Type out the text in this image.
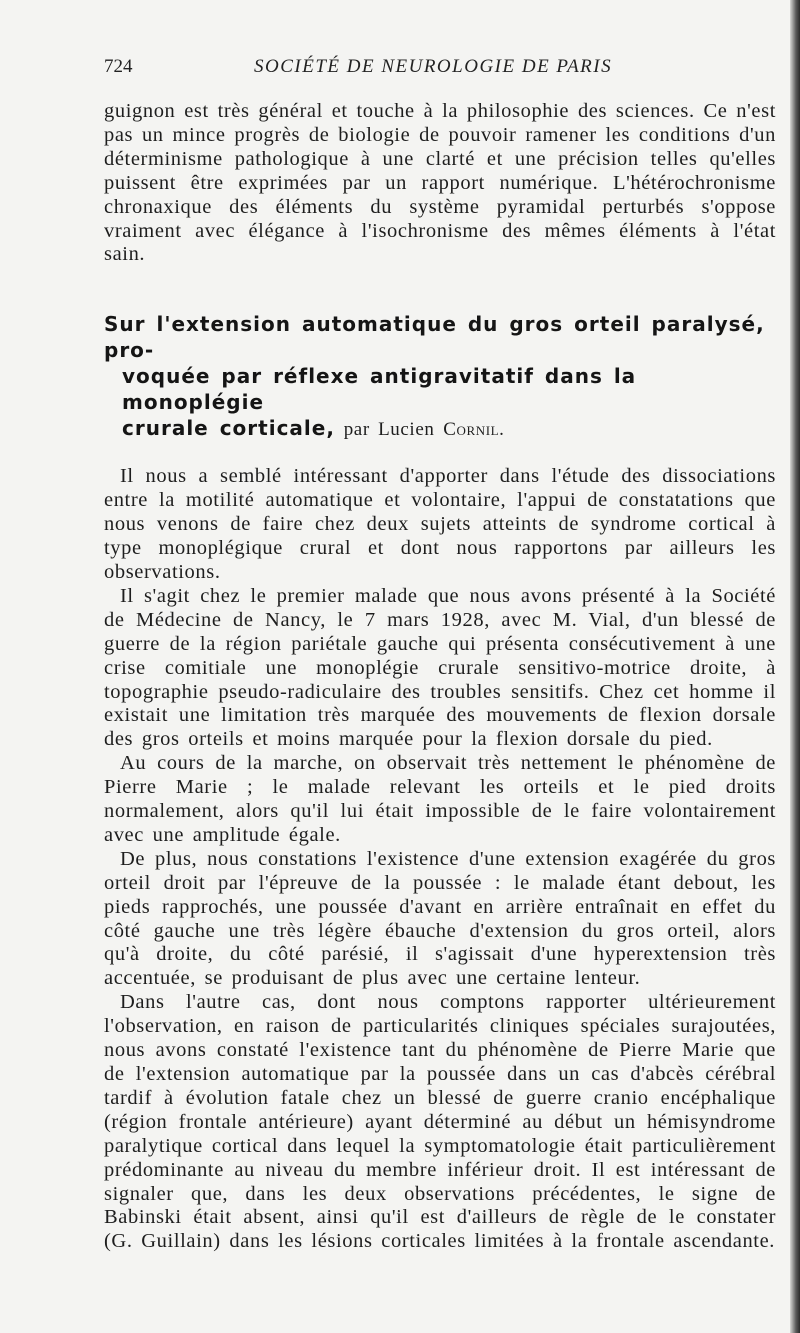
724	SOCIÉTÉ DE NEUROLOGIE DE PARIS

guignon est très général et touche à la philosophie des sciences. Ce n'est pas un mince progrès de biologie de pouvoir ramener les conditions d'un déterminisme pathologique à une clarté et une précision telles qu'elles puissent être exprimées par un rapport numérique. L'hétérochronisme chronaxique des éléments du système pyramidal perturbés s'oppose vraiment avec élégance à l'isochronisme des mêmes éléments à l'état sain.

Sur l'extension automatique du gros orteil paralysé, pro-
voquée par réflexe antigravitatif dans la monoplégie
crurale corticale, par Lucien Cornil.

Il nous a semblé intéressant d'apporter dans l'étude des dissociations entre la motilité automatique et volontaire, l'appui de constatations que nous venons de faire chez deux sujets atteints de syndrome cortical à type monoplégique crural et dont nous rapportons par ailleurs les observations.

Il s'agit chez le premier malade que nous avons présenté à la Société de Médecine de Nancy, le 7 mars 1928, avec M. Vial, d'un blessé de guerre de la région pariétale gauche qui présenta consécutivement à une crise comitiale une monoplégie crurale sensitivo-motrice droite, à topographie pseudo-radiculaire des troubles sensitifs. Chez cet homme il existait une limitation très marquée des mouvements de flexion dorsale des gros orteils et moins marquée pour la flexion dorsale du pied.

Au cours de la marche, on observait très nettement le phénomène de Pierre Marie ; le malade relevant les orteils et le pied droits normalement, alors qu'il lui était impossible de le faire volontairement avec une amplitude égale.

De plus, nous constations l'existence d'une extension exagérée du gros orteil droit par l'épreuve de la poussée : le malade étant debout, les pieds rapprochés, une poussée d'avant en arrière entraînait en effet du côté gauche une très légère ébauche d'extension du gros orteil, alors qu'à droite, du côté parésié, il s'agissait d'une hyperextension très accentuée, se produisant de plus avec une certaine lenteur.

Dans l'autre cas, dont nous comptons rapporter ultérieurement l'observation, en raison de particularités cliniques spéciales surajoutées, nous avons constaté l'existence tant du phénomène de Pierre Marie que de l'extension automatique par la poussée dans un cas d'abcès cérébral tardif à évolution fatale chez un blessé de guerre cranio encéphalique (région frontale antérieure) ayant déterminé au début un hémisyndrome paralytique cortical dans lequel la symptomatologie était particulièrement prédominante au niveau du membre inférieur droit. Il est intéressant de signaler que, dans les deux observations précédentes, le signe de Babinski était absent, ainsi qu'il est d'ailleurs de règle de le constater (G. Guillain) dans les lésions corticales limitées à la frontale ascendante.
